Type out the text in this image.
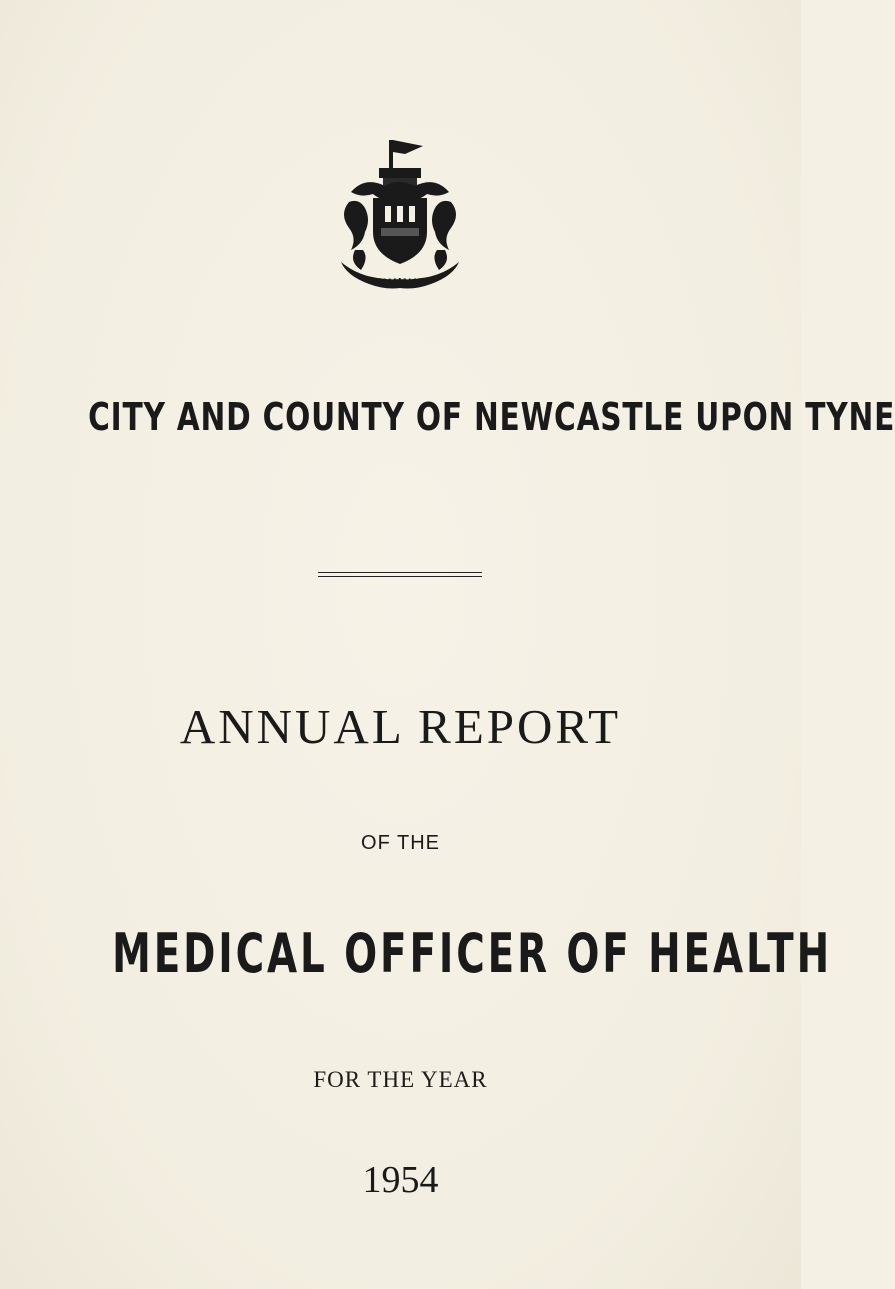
CITY AND COUNTY OF NEWCASTLE UPON TYNE
ANNUAL REPORT
OF THE
MEDICAL OFFICER OF HEALTH
FOR THE YEAR
1954
